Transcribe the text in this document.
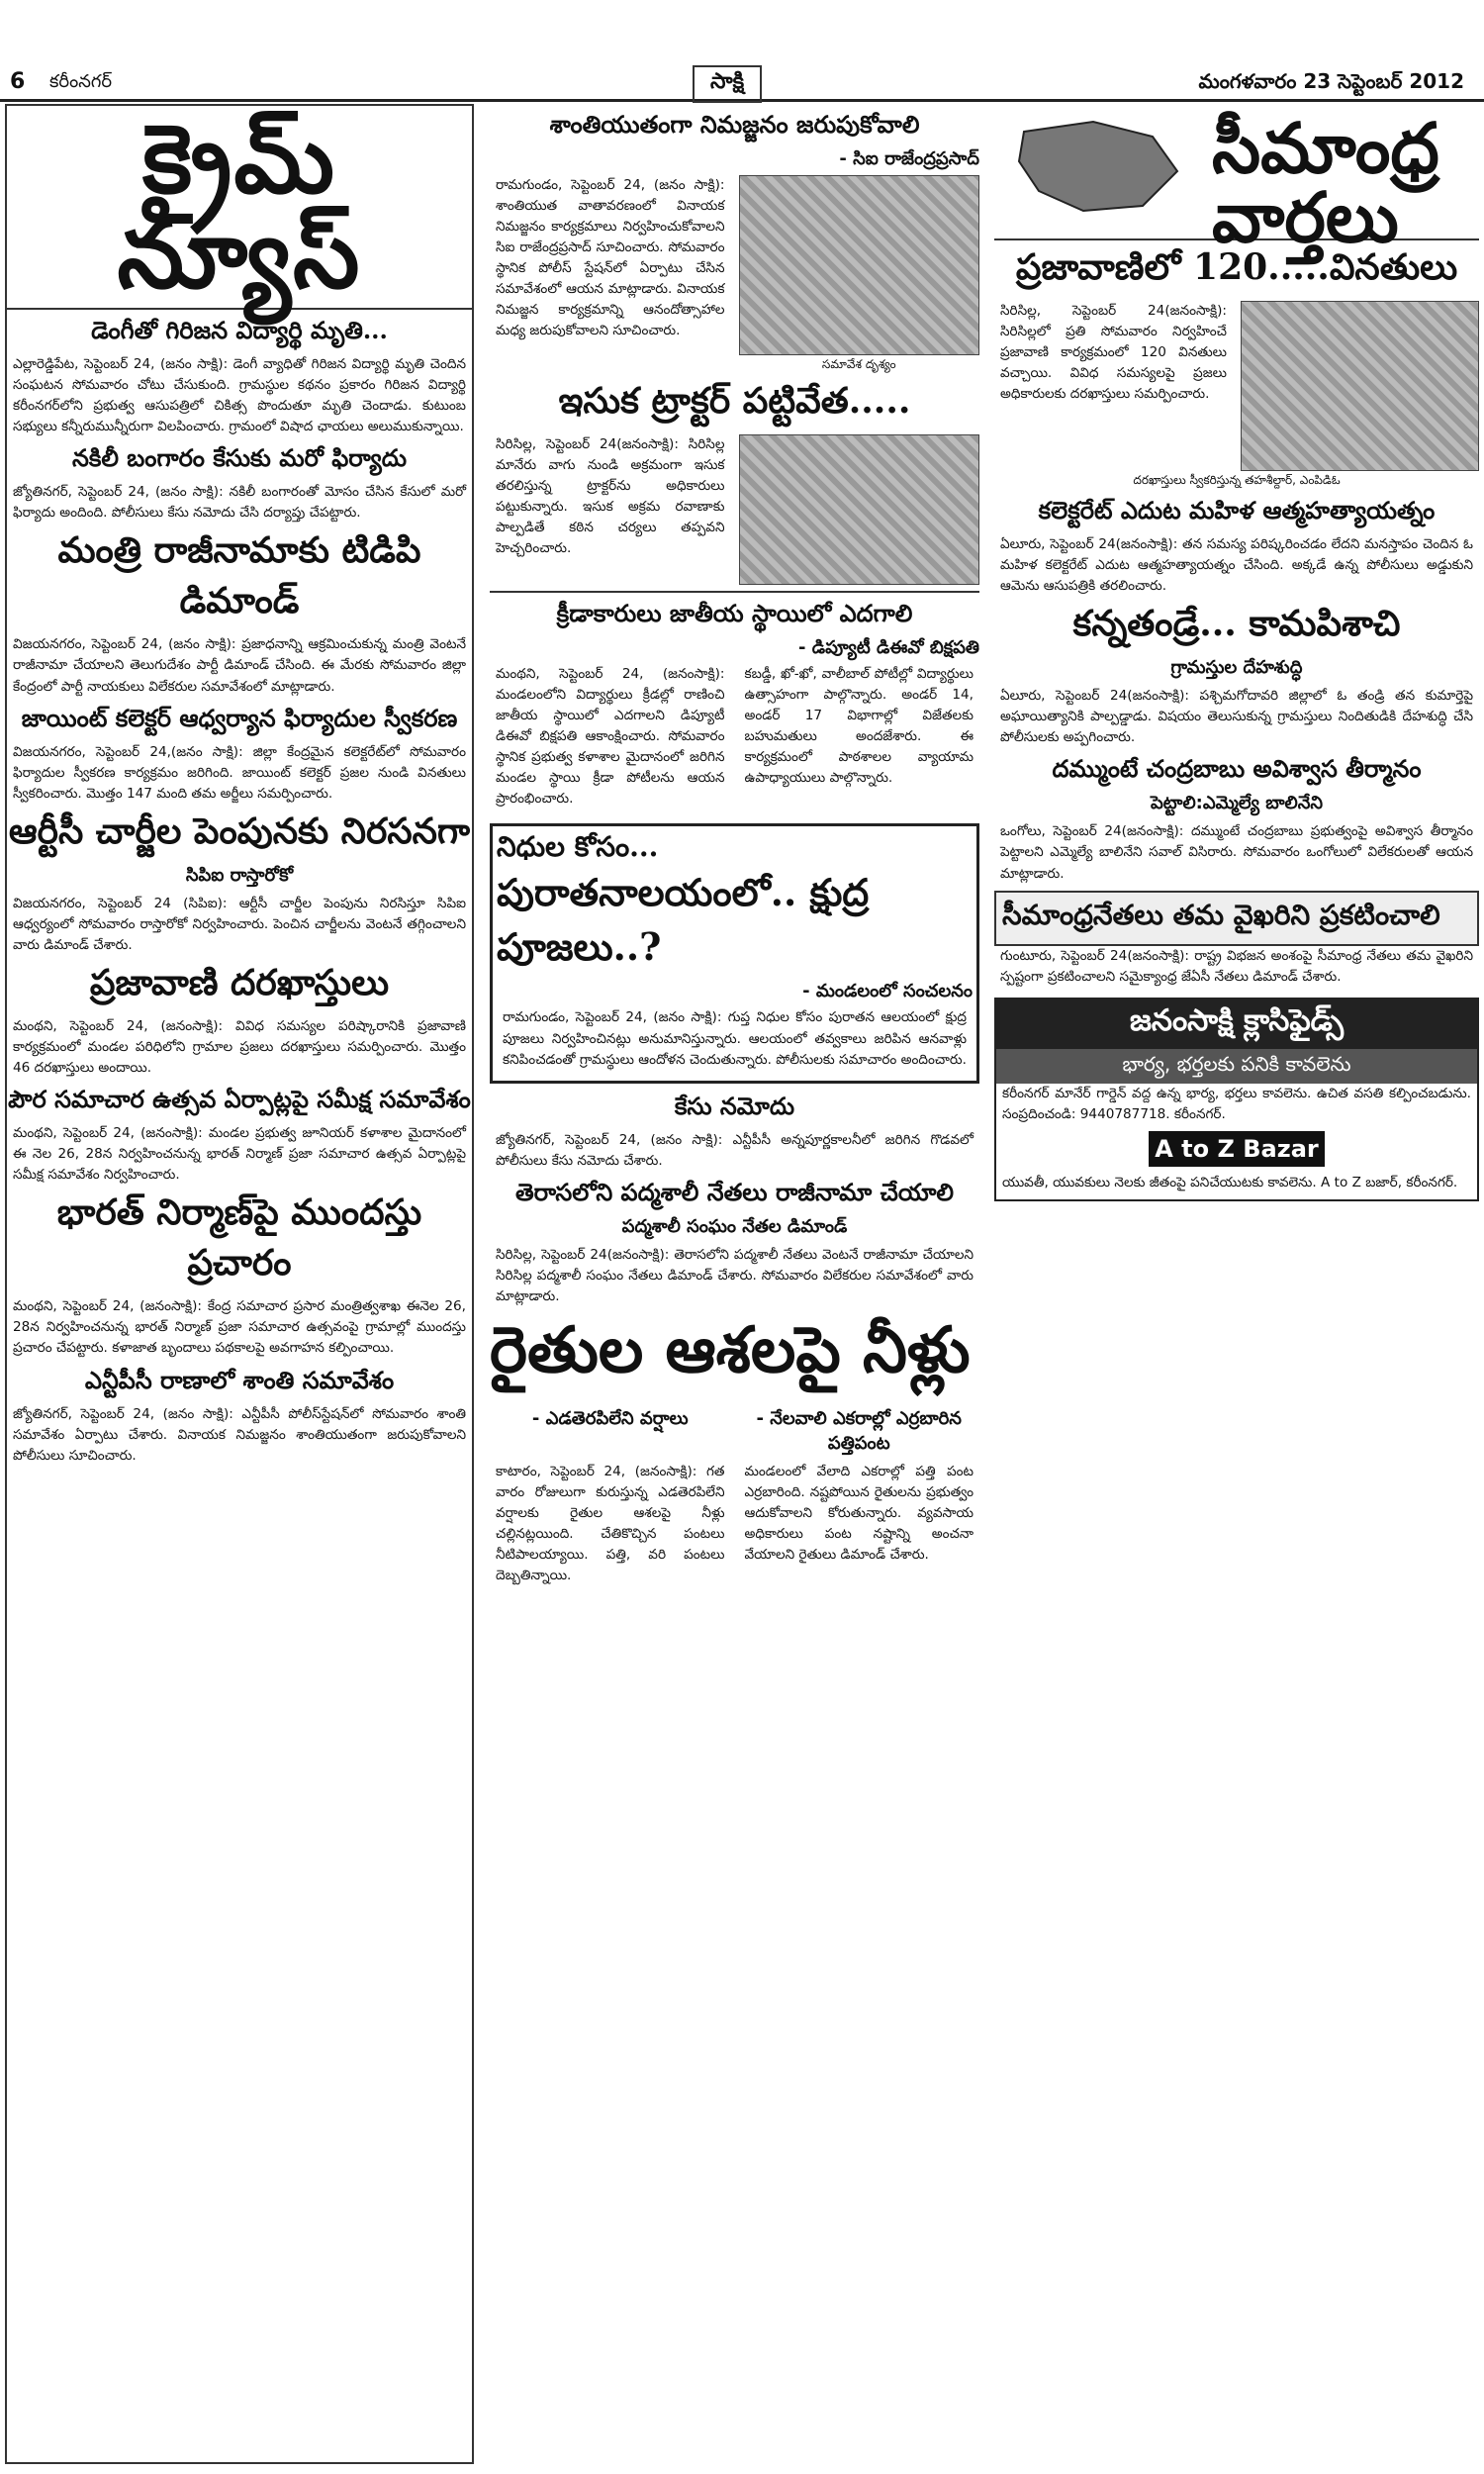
6 కరీంనగర్	సాక్షి	మంగళవారం 23 సెప్టెంబర్ 2012
క్రైమ్ న్యూస్
డెంగీతో గిరిజన విద్యార్థి మృతి...

ఎల్లారెడ్డిపేట, సెప్టెంబర్ 24, (జనం సాక్షి): డెంగీ వ్యాధితో గిరిజన విద్యార్థి మృతి చెందిన సంఘటన సోమవారం చోటు చేసుకుంది. గ్రామస్థుల కథనం ప్రకారం గిరిజన విద్యార్థి కరీంనగర్‌లోని ప్రభుత్వ ఆసుపత్రిలో చికిత్స పొందుతూ మృతి చెందాడు. కుటుంబ సభ్యులు కన్నీరుమున్నీరుగా విలపించారు. గ్రామంలో విషాద ఛాయలు అలుముకున్నాయి.

నకిలీ బంగారం కేసుకు మరో ఫిర్యాదు

జ్యోతినగర్, సెప్టెంబర్ 24, (జనం సాక్షి): నకిలీ బంగారంతో మోసం చేసిన కేసులో మరో ఫిర్యాదు అందింది. పోలీసులు కేసు నమోదు చేసి దర్యాప్తు చేపట్టారు.

మంత్రి రాజీనామాకు టిడిపి డిమాండ్

విజయనగరం, సెప్టెంబర్ 24, (జనం సాక్షి): ప్రజాధనాన్ని ఆక్రమించుకున్న మంత్రి వెంటనే రాజీనామా చేయాలని తెలుగుదేశం పార్టీ డిమాండ్ చేసింది. ఈ మేరకు సోమవారం జిల్లా కేంద్రంలో పార్టీ నాయకులు విలేకరుల సమావేశంలో మాట్లాడారు.

జాయింట్ కలెక్టర్ ఆధ్వర్యాన ఫిర్యాదుల స్వీకరణ

విజయనగరం, సెప్టెంబర్ 24,(జనం సాక్షి): జిల్లా కేంద్రమైన కలెక్టరేట్‌లో సోమవారం ఫిర్యాదుల స్వీకరణ కార్యక్రమం జరిగింది. జాయింట్ కలెక్టర్ ప్రజల నుండి వినతులు స్వీకరించారు. మొత్తం 147 మంది తమ అర్జీలు సమర్పించారు.

ఆర్టీసీ చార్జీల పెంపునకు నిరసనగా
సిపిఐ రాస్తారోకో

విజయనగరం, సెప్టెంబర్ 24 (సిపిఐ): ఆర్టీసీ చార్జీల పెంపును నిరసిస్తూ సిపిఐ ఆధ్వర్యంలో సోమవారం రాస్తారోకో నిర్వహించారు. పెంచిన చార్జీలను వెంటనే తగ్గించాలని వారు డిమాండ్ చేశారు.

ప్రజావాణి దరఖాస్తులు

మంథని, సెప్టెంబర్ 24, (జనంసాక్షి): వివిధ సమస్యల పరిష్కారానికి ప్రజావాణి కార్యక్రమంలో మండల పరిధిలోని గ్రామాల ప్రజలు దరఖాస్తులు సమర్పించారు. మొత్తం 46 దరఖాస్తులు అందాయి.

పౌర సమాచార ఉత్సవ ఏర్పాట్లపై సమీక్ష సమావేశం

మంథని, సెప్టెంబర్ 24, (జనంసాక్షి): మండల ప్రభుత్వ జూనియర్ కళాశాల మైదానంలో ఈ నెల 26, 28న నిర్వహించనున్న భారత్ నిర్మాణ్ ప్రజా సమాచార ఉత్సవ ఏర్పాట్లపై సమీక్ష సమావేశం నిర్వహించారు.

భారత్ నిర్మాణ్‌పై ముందస్తు ప్రచారం

మంథని, సెప్టెంబర్ 24, (జనంసాక్షి): కేంద్ర సమాచార ప్రసార మంత్రిత్వశాఖ ఈనెల 26, 28న నిర్వహించనున్న భారత్ నిర్మాణ్ ప్రజా సమాచార ఉత్సవంపై గ్రామాల్లో ముందస్తు ప్రచారం చేపట్టారు. కళాజాత బృందాలు పథకాలపై అవగాహన కల్పించాయి.

ఎన్టీపీసీ రాణాలో శాంతి సమావేశం

జ్యోతినగర్, సెప్టెంబర్ 24, (జనం సాక్షి): ఎన్టీపీసీ పోలీస్‌స్టేషన్‌లో సోమవారం శాంతి సమావేశం ఏర్పాటు చేశారు. వినాయక నిమజ్జనం శాంతియుతంగా జరుపుకోవాలని పోలీసులు సూచించారు.

శాంతియుతంగా నిమజ్జనం జరుపుకోవాలి
- సిఐ రాజేంద్రప్రసాద్

రామగుండం, సెప్టెంబర్ 24, (జనం సాక్షి): శాంతియుత వాతావరణంలో వినాయక నిమజ్జనం కార్యక్రమాలు నిర్వహించుకోవాలని సిఐ రాజేంద్రప్రసాద్ సూచించారు. సోమవారం స్థానిక పోలీస్ స్టేషన్‌లో ఏర్పాటు చేసిన సమావేశంలో ఆయన మాట్లాడారు. వినాయక నిమజ్జన కార్యక్రమాన్ని ఆనందోత్సాహాల మధ్య జరుపుకోవాలని సూచించారు.

సమావేశ దృశ్యం
ఇసుక ట్రాక్టర్ పట్టివేత.....

సిరిసిల్ల, సెప్టెంబర్ 24(జనంసాక్షి): సిరిసిల్ల మానేరు వాగు నుండి అక్రమంగా ఇసుక తరలిస్తున్న ట్రాక్టర్‌ను అధికారులు పట్టుకున్నారు. ఇసుక అక్రమ రవాణాకు పాల్పడితే కఠిన చర్యలు తప్పవని హెచ్చరించారు.

క్రీడాకారులు జాతీయ స్థాయిలో ఎదగాలి
- డిప్యూటీ డిఈవో బిక్షపతి

మంథని, సెప్టెంబర్ 24, (జనంసాక్షి): మండలంలోని విద్యార్థులు క్రీడల్లో రాణించి జాతీయ స్థాయిలో ఎదగాలని డిప్యూటీ డిఈవో బిక్షపతి ఆకాంక్షించారు. సోమవారం స్థానిక ప్రభుత్వ కళాశాల మైదానంలో జరిగిన మండల స్థాయి క్రీడా పోటీలను ఆయన ప్రారంభించారు.

కబడ్డీ, ఖో-ఖో, వాలీబాల్ పోటీల్లో విద్యార్థులు ఉత్సాహంగా పాల్గొన్నారు. అండర్ 14, అండర్ 17 విభాగాల్లో విజేతలకు బహుమతులు అందజేశారు. ఈ కార్యక్రమంలో పాఠశాలల వ్యాయామ ఉపాధ్యాయులు పాల్గొన్నారు.

నిధుల కోసం...
పురాతనాలయంలో.. క్షుద్ర పూజలు..?
- మండలంలో సంచలనం

రామగుండం, సెప్టెంబర్ 24, (జనం సాక్షి): గుప్త నిధుల కోసం పురాతన ఆలయంలో క్షుద్ర పూజలు నిర్వహించినట్లు అనుమానిస్తున్నారు. ఆలయంలో తవ్వకాలు జరిపిన ఆనవాళ్లు కనిపించడంతో గ్రామస్థులు ఆందోళన చెందుతున్నారు. పోలీసులకు సమాచారం అందించారు.

కేసు నమోదు

జ్యోతినగర్, సెప్టెంబర్ 24, (జనం సాక్షి): ఎన్టీపీసీ అన్నపూర్ణకాలనీలో జరిగిన గొడవలో పోలీసులు కేసు నమోదు చేశారు.

తెరాసలోని పద్మశాలీ నేతలు రాజీనామా చేయాలి
పద్మశాలీ సంఘం నేతల డిమాండ్

సిరిసిల్ల, సెప్టెంబర్ 24(జనంసాక్షి): తెరాసలోని పద్మశాలీ నేతలు వెంటనే రాజీనామా చేయాలని సిరిసిల్ల పద్మశాలీ సంఘం నేతలు డిమాండ్ చేశారు. సోమవారం విలేకరుల సమావేశంలో వారు మాట్లాడారు.

రైతుల ఆశలపై నీళ్లు
- ఎడతెరపిలేని వర్షాలు	- నేలవాలి ఎకరాల్లో ఎర్రబారిన పత్తిపంట

కాటారం, సెప్టెంబర్ 24, (జనంసాక్షి): గత వారం రోజులుగా కురుస్తున్న ఎడతెరపిలేని వర్షాలకు రైతుల ఆశలపై నీళ్లు చల్లినట్లయింది. చేతికొచ్చిన పంటలు నీటిపాలయ్యాయి. పత్తి, వరి పంటలు దెబ్బతిన్నాయి.

మండలంలో వేలాది ఎకరాల్లో పత్తి పంట ఎర్రబారింది. నష్టపోయిన రైతులను ప్రభుత్వం ఆదుకోవాలని కోరుతున్నారు. వ్యవసాయ అధికారులు పంట నష్టాన్ని అంచనా వేయాలని రైతులు డిమాండ్ చేశారు.

సీమాంధ్ర వార్తలు
ప్రజావాణిలో 120.....వినతులు

సిరిసిల్ల, సెప్టెంబర్ 24(జనంసాక్షి): సిరిసిల్లలో ప్రతి సోమవారం నిర్వహించే ప్రజావాణి కార్యక్రమంలో 120 వినతులు వచ్చాయి. వివిధ సమస్యలపై ప్రజలు అధికారులకు దరఖాస్తులు సమర్పించారు.

దరఖాస్తులు స్వీకరిస్తున్న తహశీల్దార్, ఎంపిడిఓ
కలెక్టరేట్ ఎదుట మహిళ ఆత్మహత్యాయత్నం

ఏలూరు, సెప్టెంబర్ 24(జనంసాక్షి): తన సమస్య పరిష్కరించడం లేదని మనస్తాపం చెందిన ఓ మహిళ కలెక్టరేట్ ఎదుట ఆత్మహత్యాయత్నం చేసింది. అక్కడే ఉన్న పోలీసులు అడ్డుకుని ఆమెను ఆసుపత్రికి తరలించారు.

కన్నతండ్రే... కామపిశాచి
గ్రామస్తుల దేహశుద్ధి

ఏలూరు, సెప్టెంబర్ 24(జనంసాక్షి): పశ్చిమగోదావరి జిల్లాలో ఓ తండ్రి తన కుమార్తెపై అఘాయిత్యానికి పాల్పడ్డాడు. విషయం తెలుసుకున్న గ్రామస్తులు నిందితుడికి దేహశుద్ధి చేసి పోలీసులకు అప్పగించారు.

దమ్ముంటే చంద్రబాబు అవిశ్వాస తీర్మానం
పెట్టాలి:ఎమ్మెల్యే బాలినేని

ఒంగోలు, సెప్టెంబర్ 24(జనంసాక్షి): దమ్ముంటే చంద్రబాబు ప్రభుత్వంపై అవిశ్వాస తీర్మానం పెట్టాలని ఎమ్మెల్యే బాలినేని సవాల్ విసిరారు. సోమవారం ఒంగోలులో విలేకరులతో ఆయన మాట్లాడారు.

సీమాంధ్రనేతలు తమ వైఖరిని ప్రకటించాలి

గుంటూరు, సెప్టెంబర్ 24(జనంసాక్షి): రాష్ట్ర విభజన అంశంపై సీమాంధ్ర నేతలు తమ వైఖరిని స్పష్టంగా ప్రకటించాలని సమైక్యాంధ్ర జేఏసీ నేతలు డిమాండ్ చేశారు.

జనంసాక్షి క్లాసిఫైడ్స్
భార్య, భర్తలకు పనికి కావలెను

కరీంనగర్ మానేర్ గార్డెన్ వద్ద ఉన్న భార్య, భర్తలు కావలెను. ఉచిత వసతి కల్పించబడును. సంప్రదించండి: 9440787718. కరీంనగర్.

A to Z Bazar

యువతీ, యువకులు నెలకు జీతంపై పనిచేయుటకు కావలెను. A to Z బజార్, కరీంనగర్.
